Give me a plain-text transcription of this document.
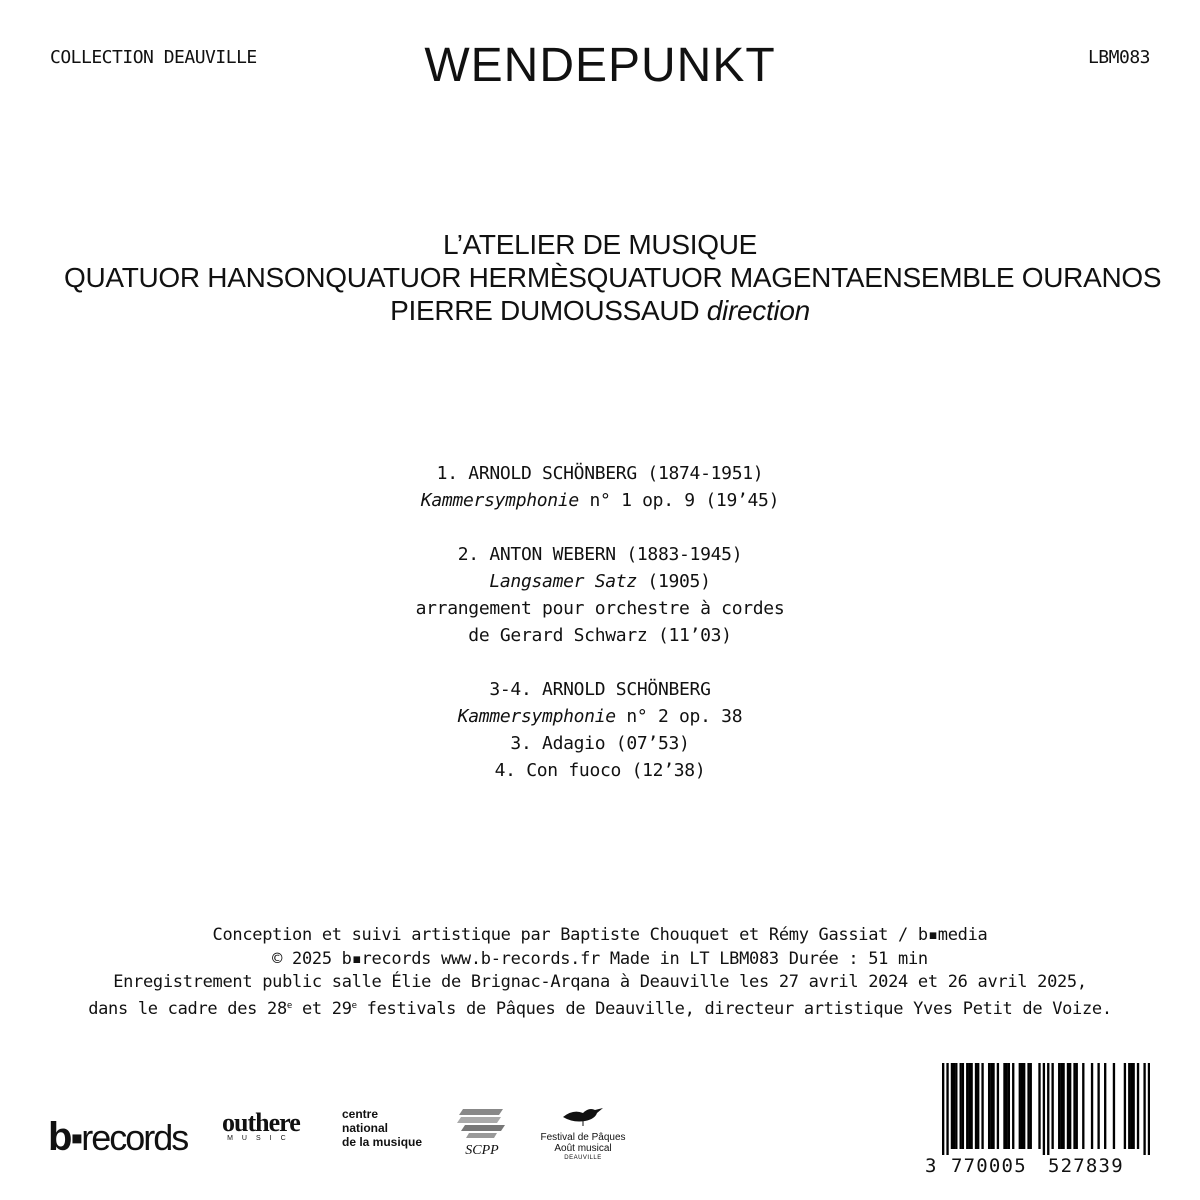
COLLECTION DEAUVILLE	WENDEPUNKT	LBM083
L’ATELIER DE MUSIQUE
QUATUOR HANSON QUATUOR HERMÈS QUATUOR MAGENTA ENSEMBLE OURANOS
PIERRE DUMOUSSAUD direction
1. ARNOLD SCHÖNBERG (1874-1951)
Kammersymphonie n° 1 op. 9 (19’45)
2. ANTON WEBERN (1883-1945)
Langsamer Satz (1905)
arrangement pour orchestre à cordes
de Gerard Schwarz (11’03)
3-4. ARNOLD SCHÖNBERG
Kammersymphonie n° 2 op. 38
3. Adagio (07’53)
4. Con fuoco (12’38)
Conception et suivi artistique par Baptiste Chouquet et Rémy Gassiat / b▪media
© 2025 b▪records www.b-records.fr Made in LT LBM083 Durée : 51 min
Enregistrement public salle Élie de Brignac-Arqana à Deauville les 27 avril 2024 et 26 avril 2025,
dans le cadre des 28e et 29e festivals de Pâques de Deauville, directeur artistique Yves Petit de Voize.
b▪records outhere
MUSIC
centre
national
de la musique
SCPP
Festival de Pâques
Août musical
DEAUVILLE	3 770005 527839
